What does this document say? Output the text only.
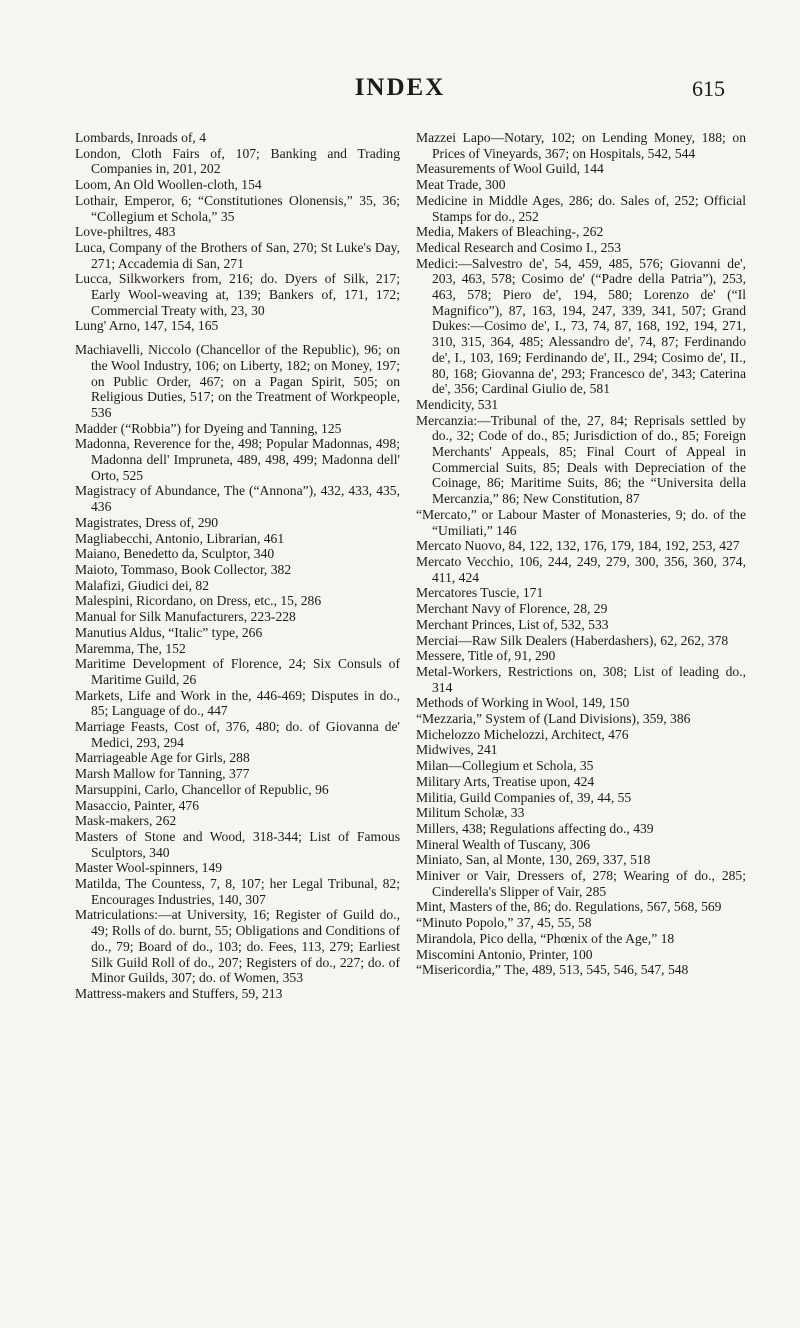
INDEX	615
Lombards, Inroads of, 4
London, Cloth Fairs of, 107; Banking and Trading Companies in, 201, 202
Loom, An Old Woollen-cloth, 154
Lothair, Emperor, 6; “Constitutiones Olonensis,” 35, 36; “Collegium et Schola,” 35
Love-philtres, 483
Luca, Company of the Brothers of San, 270; St Luke's Day, 271; Accademia di San, 271
Lucca, Silkworkers from, 216; do. Dyers of Silk, 217; Early Wool-weaving at, 139; Bankers of, 171, 172; Commercial Treaty with, 23, 30
Lung' Arno, 147, 154, 165
Machiavelli, Niccolo (Chancellor of the Republic), 96; on the Wool Industry, 106; on Liberty, 182; on Money, 197; on Public Order, 467; on a Pagan Spirit, 505; on Religious Duties, 517; on the Treatment of Workpeople, 536
Madder (“Robbia”) for Dyeing and Tanning, 125
Madonna, Reverence for the, 498; Popular Madonnas, 498; Madonna dell' Impruneta, 489, 498, 499; Madonna dell' Orto, 525
Magistracy of Abundance, The (“Annona”), 432, 433, 435, 436
Magistrates, Dress of, 290
Magliabecchi, Antonio, Librarian, 461
Maiano, Benedetto da, Sculptor, 340
Maioto, Tommaso, Book Collector, 382
Malafizi, Giudici dei, 82
Malespini, Ricordano, on Dress, etc., 15, 286
Manual for Silk Manufacturers, 223-228
Manutius Aldus, “Italic” type, 266
Maremma, The, 152
Maritime Development of Florence, 24; Six Consuls of Maritime Guild, 26
Markets, Life and Work in the, 446-469; Disputes in do., 85; Language of do., 447
Marriage Feasts, Cost of, 376, 480; do. of Giovanna de' Medici, 293, 294
Marriageable Age for Girls, 288
Marsh Mallow for Tanning, 377
Marsuppini, Carlo, Chancellor of Republic, 96
Masaccio, Painter, 476
Mask-makers, 262
Masters of Stone and Wood, 318-344; List of Famous Sculptors, 340
Master Wool-spinners, 149
Matilda, The Countess, 7, 8, 107; her Legal Tribunal, 82; Encourages Industries, 140, 307
Matriculations:—at University, 16; Register of Guild do., 49; Rolls of do. burnt, 55; Obligations and Conditions of do., 79; Board of do., 103; do. Fees, 113, 279; Earliest Silk Guild Roll of do., 207; Registers of do., 227; do. of Minor Guilds, 307; do. of Women, 353
Mattress-makers and Stuffers, 59, 213
Mazzei Lapo—Notary, 102; on Lending Money, 188; on Prices of Vineyards, 367; on Hospitals, 542, 544
Measurements of Wool Guild, 144
Meat Trade, 300
Medicine in Middle Ages, 286; do. Sales of, 252; Official Stamps for do., 252
Media, Makers of Bleaching-, 262
Medical Research and Cosimo I., 253
Medici:—Salvestro de', 54, 459, 485, 576; Giovanni de', 203, 463, 578; Cosimo de' (“Padre della Patria”), 253, 463, 578; Piero de', 194, 580; Lorenzo de' (“Il Magnifico”), 87, 163, 194, 247, 339, 341, 507; Grand Dukes:—Cosimo de', I., 73, 74, 87, 168, 192, 194, 271, 310, 315, 364, 485; Alessandro de', 74, 87; Ferdinando de', I., 103, 169; Ferdinando de', II., 294; Cosimo de', II., 80, 168; Giovanna de', 293; Francesco de', 343; Caterina de', 356; Cardinal Giulio de, 581
Mendicity, 531
Mercanzia:—Tribunal of the, 27, 84; Reprisals settled by do., 32; Code of do., 85; Jurisdiction of do., 85; Foreign Merchants' Appeals, 85; Final Court of Appeal in Commercial Suits, 85; Deals with Depreciation of the Coinage, 86; Maritime Suits, 86; the “Universita della Mercanzia,” 86; New Constitution, 87
“Mercato,” or Labour Master of Monasteries, 9; do. of the “Umiliati,” 146
Mercato Nuovo, 84, 122, 132, 176, 179, 184, 192, 253, 427
Mercato Vecchio, 106, 244, 249, 279, 300, 356, 360, 374, 411, 424
Mercatores Tuscie, 171
Merchant Navy of Florence, 28, 29
Merchant Princes, List of, 532, 533
Merciai—Raw Silk Dealers (Haberdashers), 62, 262, 378
Messere, Title of, 91, 290
Metal-Workers, Restrictions on, 308; List of leading do., 314
Methods of Working in Wool, 149, 150
“Mezzaria,” System of (Land Divisions), 359, 386
Michelozzo Michelozzi, Architect, 476
Midwives, 241
Milan—Collegium et Schola, 35
Military Arts, Treatise upon, 424
Militia, Guild Companies of, 39, 44, 55
Militum Scholæ, 33
Millers, 438; Regulations affecting do., 439
Mineral Wealth of Tuscany, 306
Miniato, San, al Monte, 130, 269, 337, 518
Miniver or Vair, Dressers of, 278; Wearing of do., 285; Cinderella's Slipper of Vair, 285
Mint, Masters of the, 86; do. Regulations, 567, 568, 569
“Minuto Popolo,” 37, 45, 55, 58
Mirandola, Pico della, “Phœnix of the Age,” 18
Miscomini Antonio, Printer, 100
“Misericordia,” The, 489, 513, 545, 546, 547, 548
